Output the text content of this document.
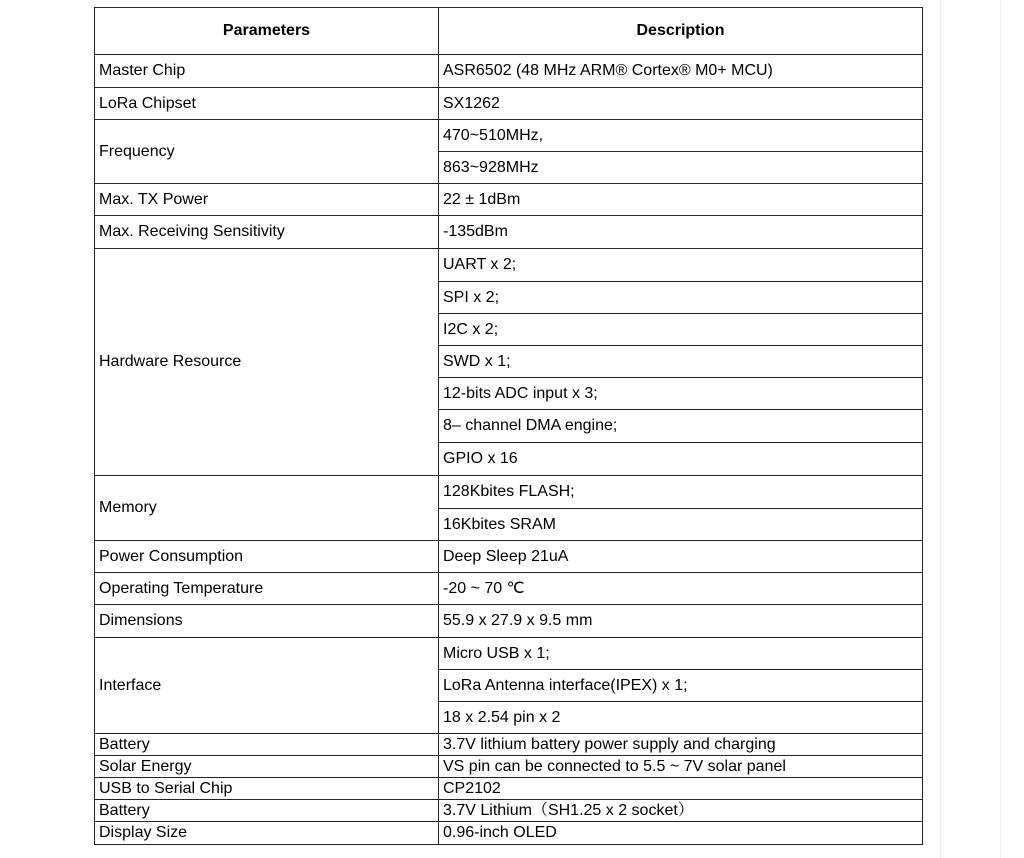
Parameters	Description
Master Chip	ASR6502 (48 MHz ARM® Cortex® M0+ MCU)
LoRa Chipset	SX1262
Frequency	470~510MHz,
	863~928MHz
Max. TX Power	22 ± 1dBm
Max. Receiving Sensitivity	-135dBm
Hardware Resource	UART x 2;
	SPI x 2;
	I2C x 2;
	SWD x 1;
	12-bits ADC input x 3;
	8– channel DMA engine;
	GPIO x 16
Memory	128Kbites FLASH;
	16Kbites SRAM
Power Consumption	Deep Sleep 21uA
Operating Temperature	-20 ~ 70 ℃
Dimensions	55.9 x 27.9 x 9.5 mm
Interface	Micro USB x 1;
	LoRa Antenna interface(IPEX) x 1;
	18 x 2.54 pin x 2
Battery	3.7V lithium battery power supply and charging
Solar Energy	VS pin can be connected to 5.5 ~ 7V solar panel
USB to Serial Chip	CP2102
Battery	3.7V Lithium（SH1.25 x 2 socket）
Display Size	0.96-inch OLED
